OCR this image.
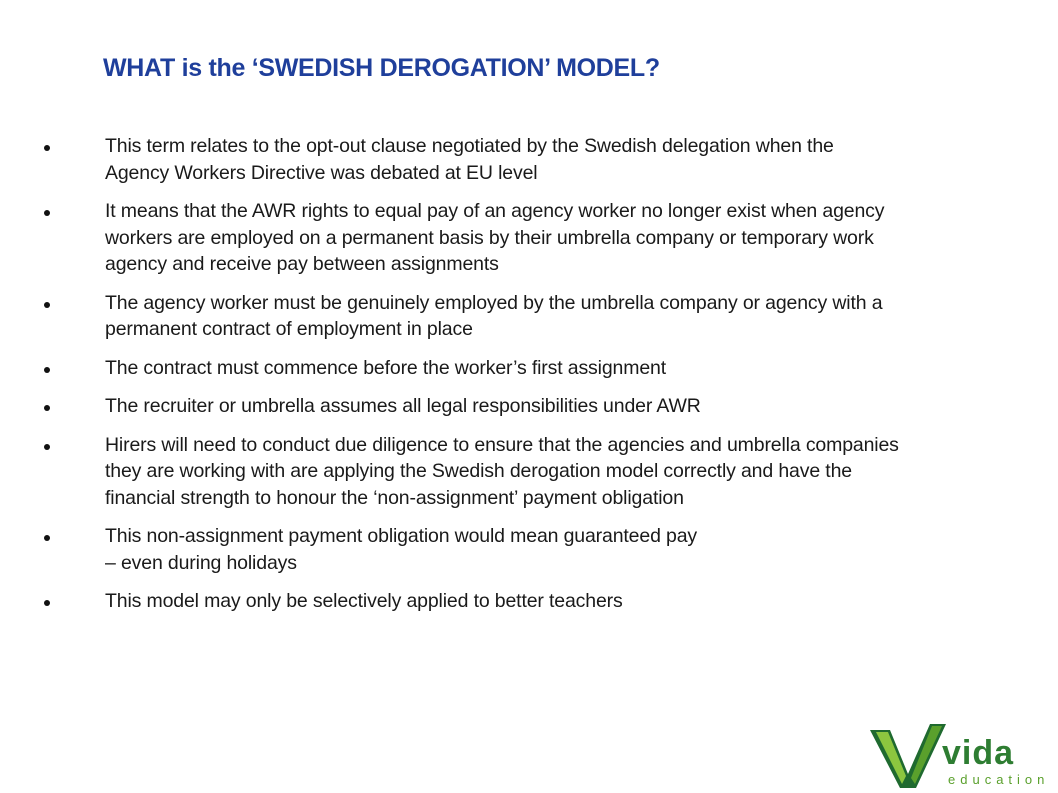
WHAT is the ‘SWEDISH DEROGATION’ MODEL?
This term relates to the opt-out clause negotiated by the Swedish delegation when the
Agency Workers Directive was debated at EU level
It means that the AWR rights to equal pay of an agency worker no longer exist when agency
workers are employed on a permanent basis by their umbrella company or temporary work
agency and receive pay between assignments
The agency worker must be genuinely employed by the umbrella company or agency with a
permanent contract of employment in place
The contract must commence before the worker’s first assignment
The recruiter or umbrella assumes all legal responsibilities under AWR
Hirers will need to conduct due diligence to ensure that the agencies and umbrella companies
they are working with are applying the Swedish derogation model correctly and have the
financial strength to honour the ‘non-assignment’ payment obligation
This non-assignment payment obligation would mean guaranteed pay
– even during holidays
This model may only be selectively applied to better teachers
vida
education
